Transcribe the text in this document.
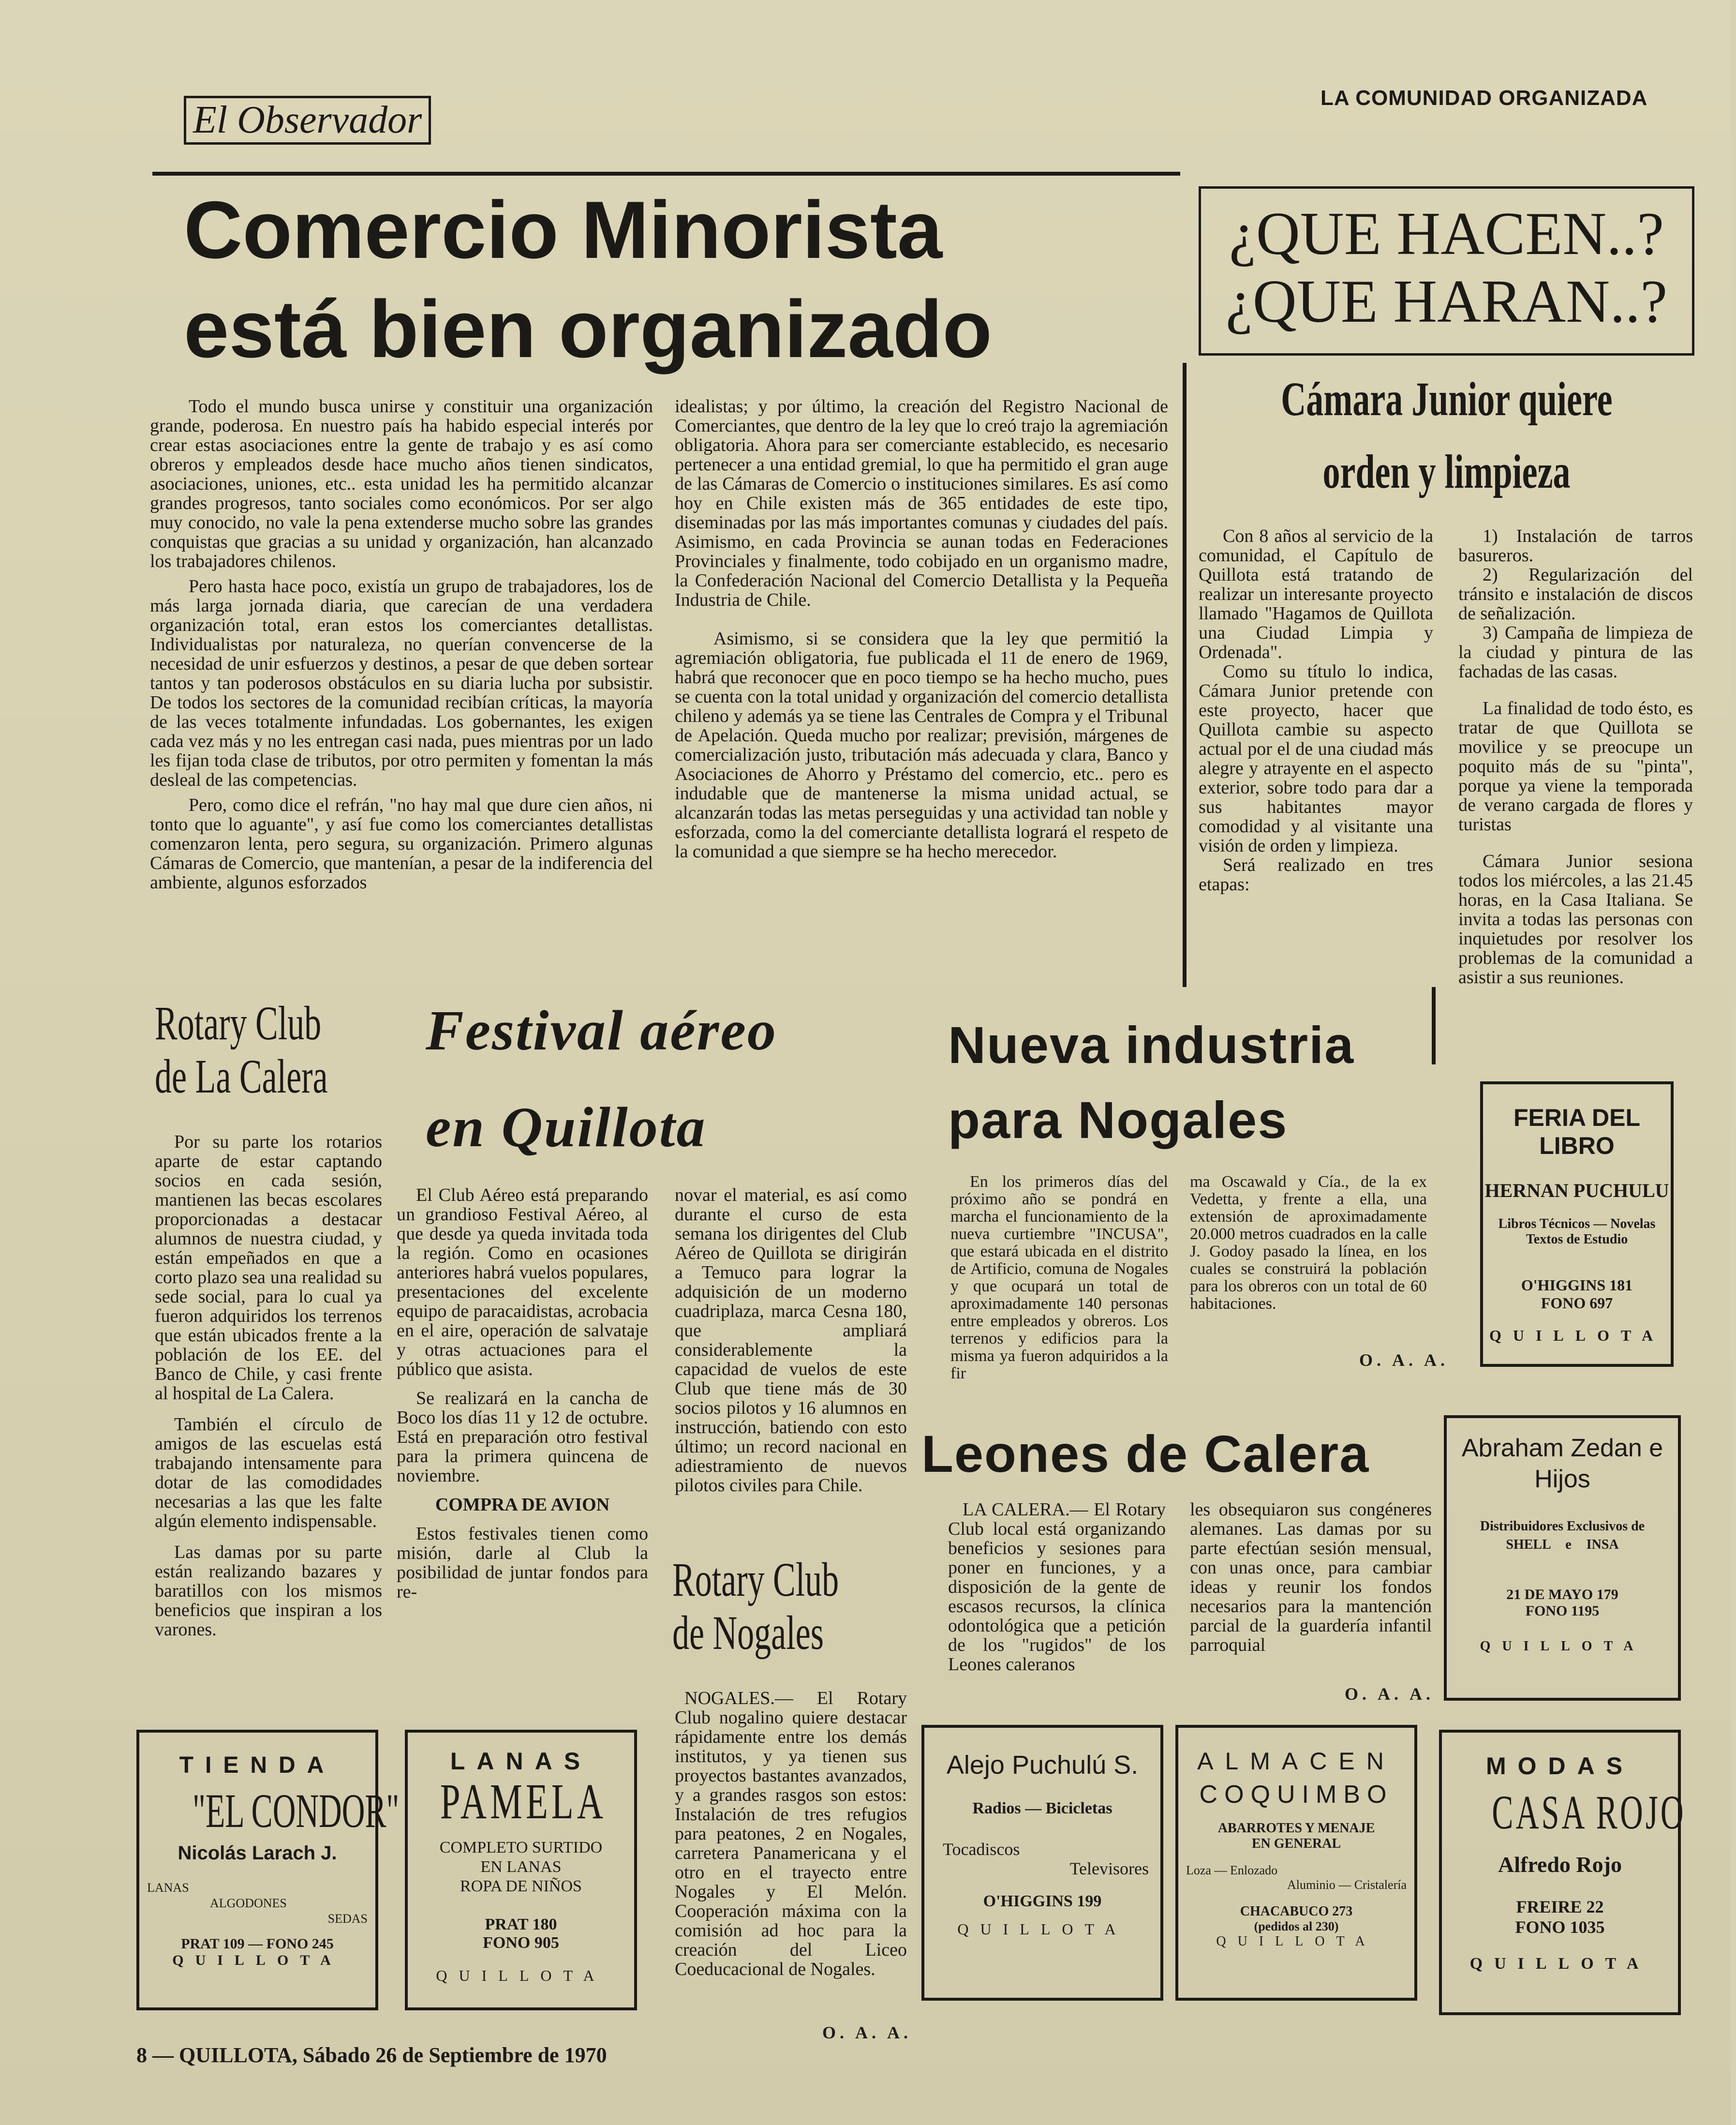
El Observador
LA COMUNIDAD ORGANIZADA
Comercio Minorista
está bien organizado

Todo el mundo busca unirse y constituir una organización grande, poderosa. En nuestro país ha habido especial interés por crear estas asociaciones entre la gente de trabajo y es así como obreros y empleados desde hace mucho años tienen sindicatos, asociaciones, uniones, etc.. esta unidad les ha permitido alcanzar grandes progresos, tanto sociales como económicos. Por ser algo muy conocido, no vale la pena extenderse mucho sobre las grandes conquistas que gracias a su unidad y organización, han alcanzado los trabajadores chilenos.

Pero hasta hace poco, existía un grupo de trabajadores, los de más larga jornada diaria, que carecían de una verdadera organización total, eran estos los comerciantes detallistas. Individualistas por naturaleza, no querían convencerse de la necesidad de unir esfuerzos y destinos, a pesar de que deben sortear tantos y tan poderosos obstáculos en su diaria lucha por subsistir. De todos los sectores de la comunidad recibían críticas, la mayoría de las veces totalmente infundadas. Los gobernantes, les exigen cada vez más y no les entregan casi nada, pues mientras por un lado les fijan toda clase de tributos, por otro permiten y fomentan la más desleal de las competencias.

Pero, como dice el refrán, "no hay mal que dure cien años, ni tonto que lo aguante", y así fue como los comerciantes detallistas comenzaron lenta, pero segura, su organización. Primero algunas Cámaras de Comercio, que mantenían, a pesar de la indiferencia del ambiente, algunos esforzados

idealistas; y por último, la creación del Registro Nacional de Comerciantes, que dentro de la ley que lo creó trajo la agremiación obligatoria. Ahora para ser comerciante establecido, es necesario pertenecer a una entidad gremial, lo que ha permitido el gran auge de las Cámaras de Comercio o instituciones similares. Es así como hoy en Chile existen más de 365 entidades de este tipo, diseminadas por las más importantes comunas y ciudades del país. Asimismo, en cada Provincia se aunan todas en Federaciones Provinciales y finalmente, todo cobijado en un organismo madre, la Confederación Nacional del Comercio Detallista y la Pequeña Industria de Chile.

Asimismo, si se considera que la ley que permitió la agremiación obligatoria, fue publicada el 11 de enero de 1969, habrá que reconocer que en poco tiempo se ha hecho mucho, pues se cuenta con la total unidad y organización del comercio detallista chileno y además ya se tiene las Centrales de Compra y el Tribunal de Apelación. Queda mucho por realizar; previsión, márgenes de comercialización justo, tributación más adecuada y clara, Banco y Asociaciones de Ahorro y Préstamo del comercio, etc.. pero es indudable que de mantenerse la misma unidad actual, se alcanzarán todas las metas perseguidas y una actividad tan noble y esforzada, como la del comerciante detallista logrará el respeto de la comunidad a que siempre se ha hecho merecedor.

¿QUE HACEN..?
¿QUE HARAN..?
Cámara Junior quiere
orden y limpieza

Con 8 años al servicio de la comunidad, el Capítulo de Quillota está tratando de realizar un interesante proyecto llamado "Hagamos de Quillota una Ciudad Limpia y Ordenada".

Como su título lo indica, Cámara Junior pretende con este proyecto, hacer que Quillota cambie su aspecto actual por el de una ciudad más alegre y atrayente en el aspecto exterior, sobre todo para dar a sus habitantes mayor comodidad y al visitante una visión de orden y limpieza.

Será realizado en tres etapas:

1) Instalación de tarros basureros.

2) Regularización del tránsito e instalación de discos de señalización.

3) Campaña de limpieza de la ciudad y pintura de las fachadas de las casas.

La finalidad de todo ésto, es tratar de que Quillota se movilice y se preocupe un poquito más de su "pinta", porque ya viene la temporada de verano cargada de flores y turistas

Cámara Junior sesiona todos los miércoles, a las 21.45 horas, en la Casa Italiana. Se invita a todas las personas con inquietudes por resolver los problemas de la comunidad a asistir a sus reuniones.

Rotary Club
de La Calera

Por su parte los rotarios aparte de estar captando socios en cada sesión, mantienen las becas escolares proporcionadas a destacar alumnos de nuestra ciudad, y están empeñados en que a corto plazo sea una realidad su sede social, para lo cual ya fueron adquiridos los terrenos que están ubicados frente a la población de los EE. del Banco de Chile, y casi frente al hospital de La Calera.

También el círculo de amigos de las escuelas está trabajando intensamente para dotar de las comodidades necesarias a las que les falte algún elemento indispensable.

Las damas por su parte están realizando bazares y baratillos con los mismos beneficios que inspiran a los varones.

Festival aéreo
en Quillota

El Club Aéreo está preparando un grandioso Festival Aéreo, al que desde ya queda invitada toda la región. Como en ocasiones anteriores habrá vuelos populares, presentaciones del excelente equipo de paracaidistas, acrobacia en el aire, operación de salvataje y otras actuaciones para el público que asista.

Se realizará en la cancha de Boco los días 11 y 12 de octubre. Está en preparación otro festival para la primera quincena de noviembre.

COMPRA DE AVION

Estos festivales tienen como misión, darle al Club la posibilidad de juntar fondos para re-

novar el material, es así como durante el curso de esta semana los dirigentes del Club Aéreo de Quillota se dirigirán a Temuco para lograr la adquisición de un moderno cuadriplaza, marca Cesna 180, que ampliará considerablemente la capacidad de vuelos de este Club que tiene más de 30 socios pilotos y 16 alumnos en instrucción, batiendo con esto último; un record nacional en adiestramiento de nuevos pilotos civiles para Chile.

Nueva industria
para Nogales

En los primeros días del próximo año se pondrá en marcha el funcionamiento de la nueva curtiembre "INCUSA", que estará ubicada en el distrito de Artificio, comuna de Nogales y que ocupará un total de aproximadamente 140 personas entre empleados y obreros. Los terrenos y edificios para la misma ya fueron adquiridos a la fir

ma Oscawald y Cía., de la ex Vedetta, y frente a ella, una extensión de aproximadamente 20.000 metros cuadrados en la calle J. Godoy pasado la línea, en los cuales se construirá la población para los obreros con un total de 60 habitaciones.

O. A. A.
Rotary Club
de Nogales

NOGALES.— El Rotary Club nogalino quiere destacar rápidamente entre los demás institutos, y ya tienen sus proyectos bastantes avanzados, y a grandes rasgos son estos: Instalación de tres refugios para peatones, 2 en Nogales, carretera Panamericana y el otro en el trayecto entre Nogales y El Melón. Cooperación máxima con la comisión ad hoc para la creación del Liceo Coeducacional de Nogales.

O. A. A.
Leones de Calera

LA CALERA.— El Rotary Club local está organizando beneficios y sesiones para poner en funciones, y a disposición de la gente de escasos recursos, la clínica odontológica que a petición de los "rugidos" de los Leones caleranos

les obsequiaron sus congéneres alemanes. Las damas por su parte efectúan sesión mensual, con unas once, para cambiar ideas y reunir los fondos necesarios para la mantención parcial de la guardería infantil parroquial

O. A. A.
FERIA DEL
LIBRO
HERNAN PUCHULU
Libros Técnicos — Novelas
Textos de Estudio
O'HIGGINS 181
FONO 697
QUILLOTA
Abraham Zedan e Hijos
Distribuidores Exclusivos de
SHELL e INSA
21 DE MAYO 179
FONO 1195
QUILLOTA
TIENDA
"EL CONDOR"
Nicolás Larach J.
LANAS
ALGODONES
SEDAS
PRAT 109 — FONO 245
QUILLOTA
LANAS
PAMELA
COMPLETO SURTIDO
EN LANAS
ROPA DE NIÑOS
PRAT 180
FONO 905
QUILLOTA
Alejo Puchulú S.
Radios — Bicicletas
Tocadiscos
Televisores
O'HIGGINS 199
QUILLOTA
ALMACEN
COQUIMBO
ABARROTES Y MENAJE
EN GENERAL
Loza — Enlozado
Aluminio — Cristalería
CHACABUCO 273
(pedidos al 230)
QUILLOTA
MODAS
CASA ROJO
Alfredo Rojo
FREIRE 22
FONO 1035
QUILLOTA
8 — QUILLOTA, Sábado 26 de Septiembre de 1970
